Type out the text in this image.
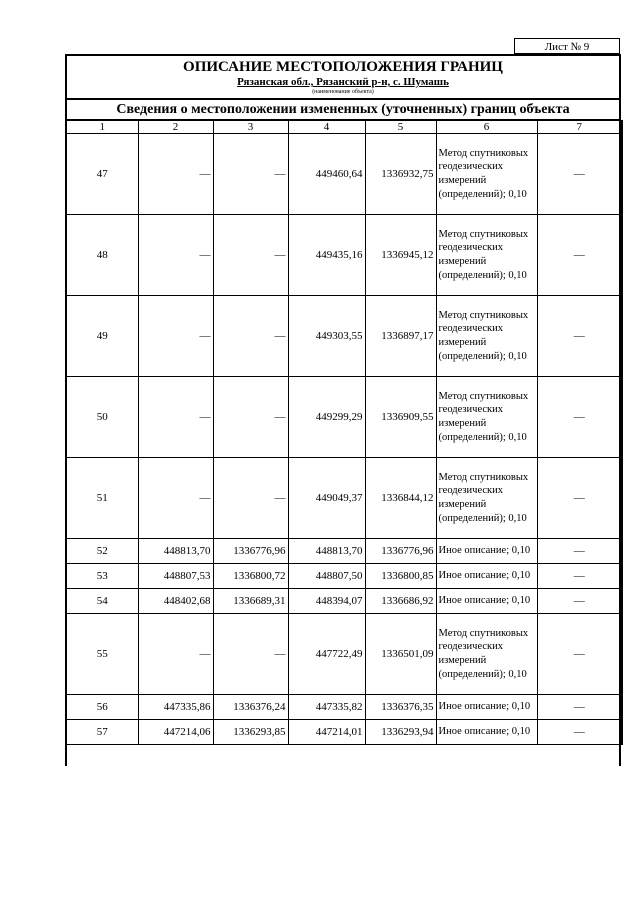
Лист № 9
ОПИСАНИЕ МЕСТОПОЛОЖЕНИЯ ГРАНИЦ
Рязанская обл., Рязанский р-н, с. Шумашь
(наименование объекта)
Сведения о местоположении измененных (уточненных) границ объекта
1	2	3	4	5	6	7
47	—	—	449460,64	1336932,75	Метод спутниковых геодезических измерений (определений); 0,10	—
48	—	—	449435,16	1336945,12	Метод спутниковых геодезических измерений (определений); 0,10	—
49	—	—	449303,55	1336897,17	Метод спутниковых геодезических измерений (определений); 0,10	—
50	—	—	449299,29	1336909,55	Метод спутниковых геодезических измерений (определений); 0,10	—
51	—	—	449049,37	1336844,12	Метод спутниковых геодезических измерений (определений); 0,10	—
52	448813,70	1336776,96	448813,70	1336776,96	Иное описание; 0,10	—
53	448807,53	1336800,72	448807,50	1336800,85	Иное описание; 0,10	—
54	448402,68	1336689,31	448394,07	1336686,92	Иное описание; 0,10	—
55	—	—	447722,49	1336501,09	Метод спутниковых геодезических измерений (определений); 0,10	—
56	447335,86	1336376,24	447335,82	1336376,35	Иное описание; 0,10	—
57	447214,06	1336293,85	447214,01	1336293,94	Иное описание; 0,10	—
